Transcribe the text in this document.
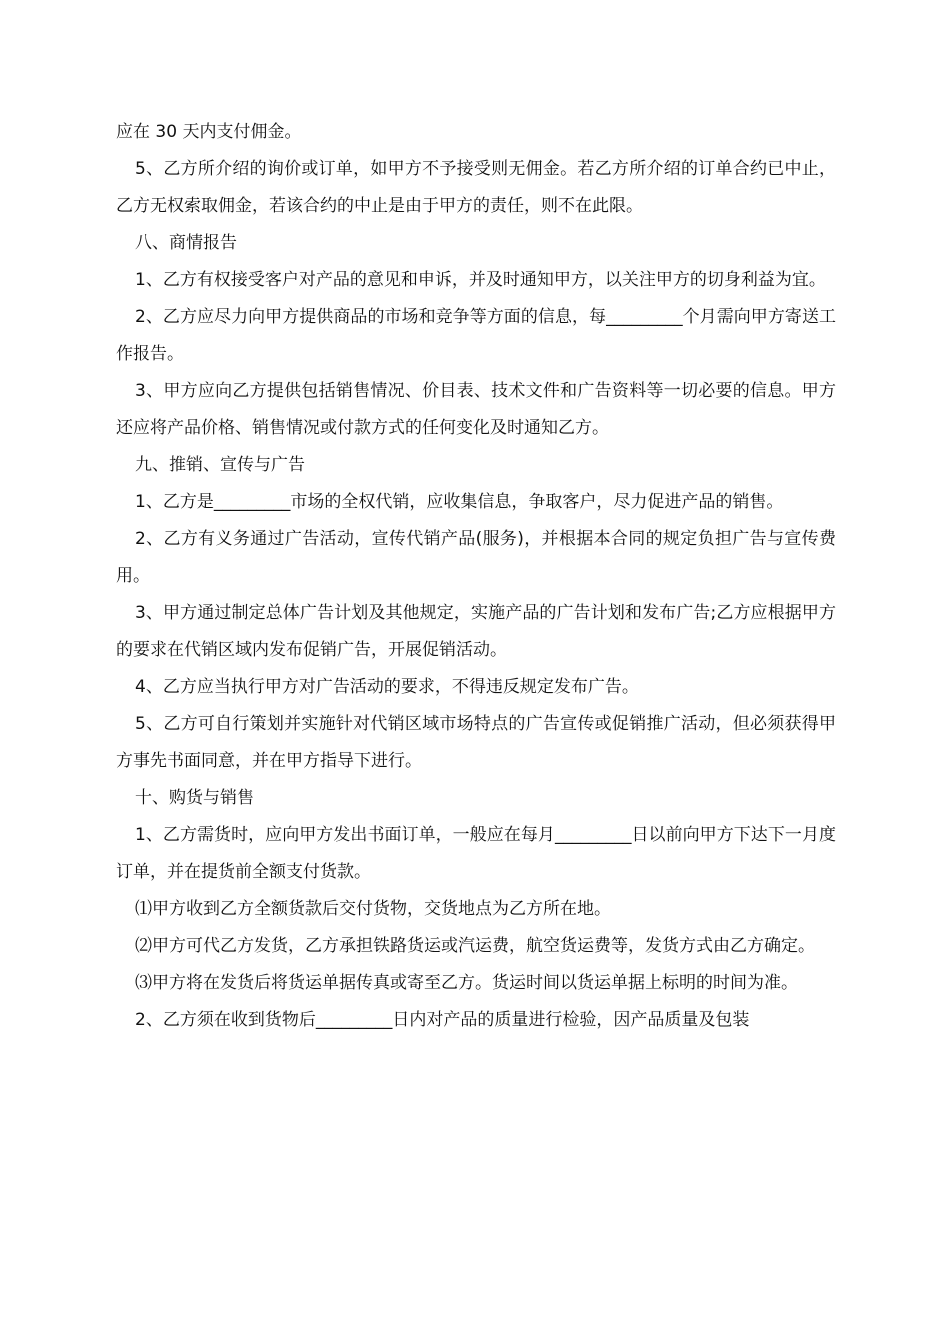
应在 30 天内支付佣金。

5、乙方所介绍的询价或订单，如甲方不予接受则无佣金。若乙方所介绍的订单合约已中止，乙方无权索取佣金，若该合约的中止是由于甲方的责任，则不在此限。

八、商情报告

1、乙方有权接受客户对产品的意见和申诉，并及时通知甲方，以关注甲方的切身利益为宜。

2、乙方应尽力向甲方提供商品的市场和竞争等方面的信息，每_________个月需向甲方寄送工作报告。

3、甲方应向乙方提供包括销售情况、价目表、技术文件和广告资料等一切必要的信息。甲方还应将产品价格、销售情况或付款方式的任何变化及时通知乙方。

九、推销、宣传与广告

1、乙方是_________市场的全权代销，应收集信息，争取客户，尽力促进产品的销售。

2、乙方有义务通过广告活动，宣传代销产品(服务)，并根据本合同的规定负担广告与宣传费用。

3、甲方通过制定总体广告计划及其他规定，实施产品的广告计划和发布广告;乙方应根据甲方的要求在代销区域内发布促销广告，开展促销活动。

4、乙方应当执行甲方对广告活动的要求，不得违反规定发布广告。

5、乙方可自行策划并实施针对代销区域市场特点的广告宣传或促销推广活动，但必须获得甲方事先书面同意，并在甲方指导下进行。

十、购货与销售

1、乙方需货时，应向甲方发出书面订单，一般应在每月_________日以前向甲方下达下一月度订单，并在提货前全额支付货款。

⑴甲方收到乙方全额货款后交付货物，交货地点为乙方所在地。

⑵甲方可代乙方发货，乙方承担铁路货运或汽运费，航空货运费等，发货方式由乙方确定。

⑶甲方将在发货后将货运单据传真或寄至乙方。货运时间以货运单据上标明的时间为准。

2、乙方须在收到货物后_________日内对产品的质量进行检验，因产品质量及包装
